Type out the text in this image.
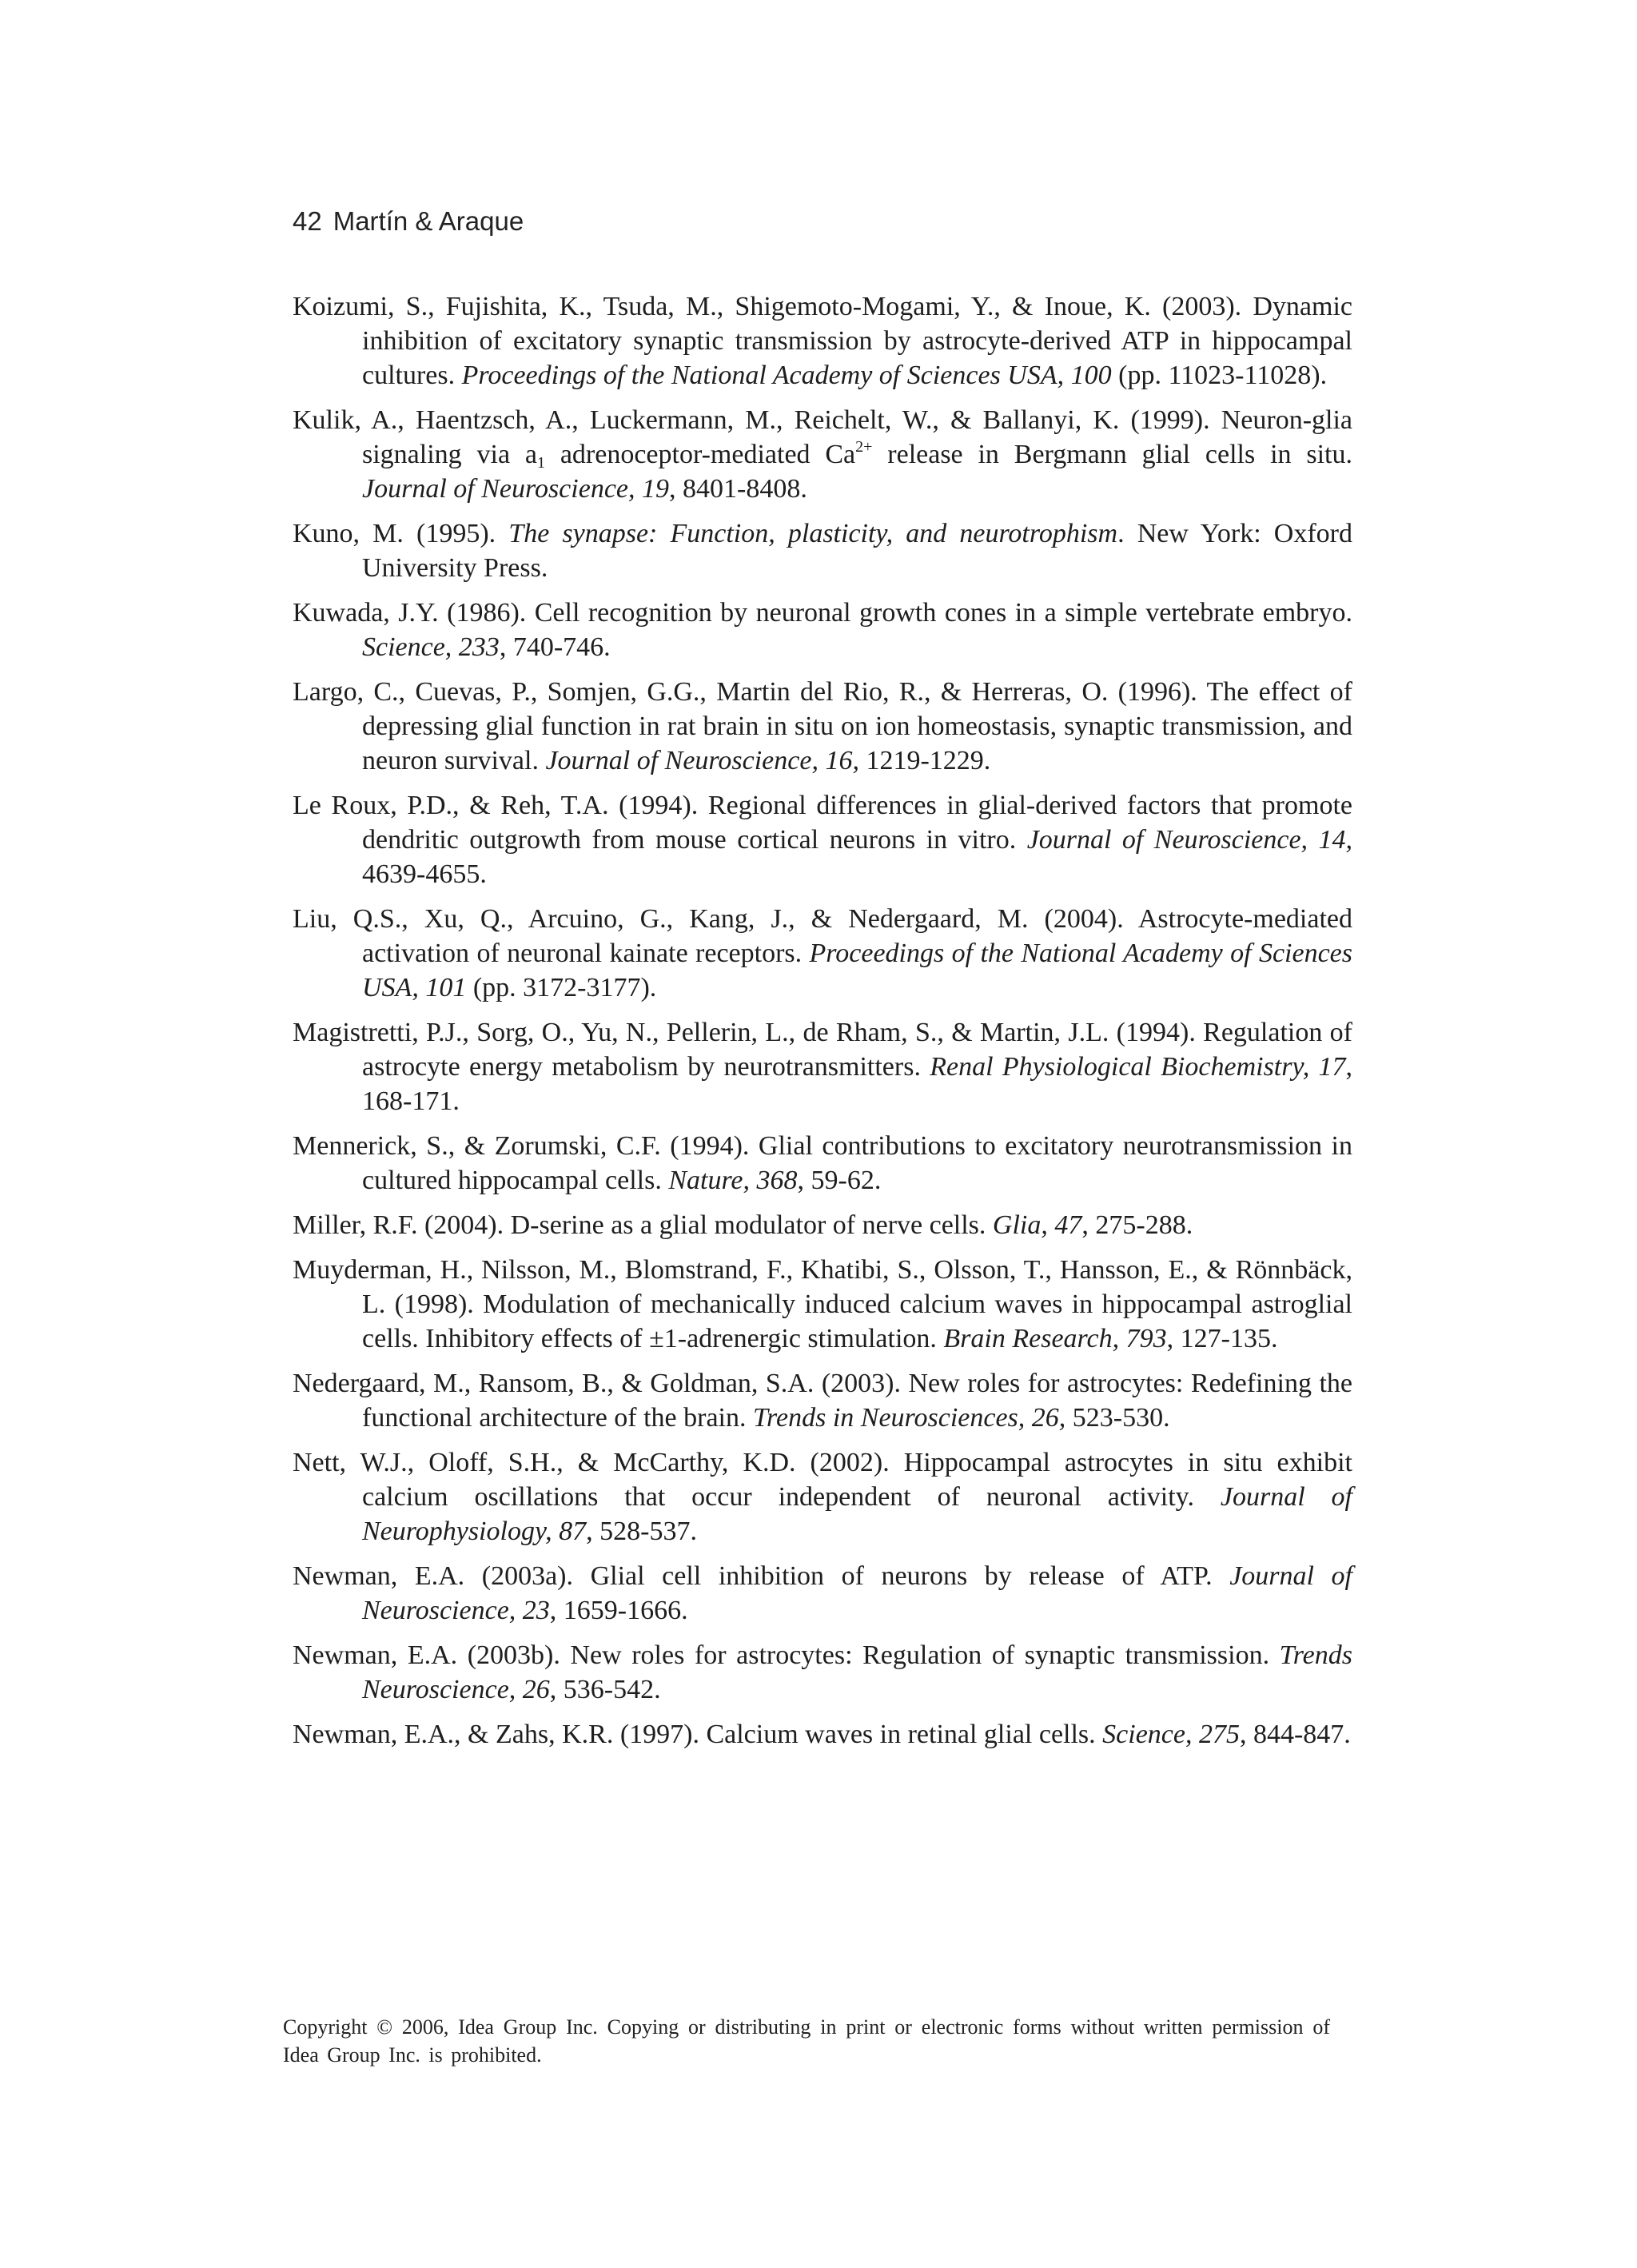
42 Martín & Araque

Koizumi, S., Fujishita, K., Tsuda, M., Shigemoto-Mogami, Y., & Inoue, K. (2003). Dynamic inhibition of excitatory synaptic transmission by astrocyte-derived ATP in hippocampal cultures. Proceedings of the National Academy of Sciences USA, 100 (pp. 11023-11028).

Kulik, A., Haentzsch, A., Luckermann, M., Reichelt, W., & Ballanyi, K. (1999). Neuron-glia signaling via $a_1$ adrenoceptor-mediated $Ca^{2+}$ release in Bergmann glial cells in situ. Journal of Neuroscience, 19, 8401-8408.

Kuno, M. (1995). The synapse: Function, plasticity, and neurotrophism. New York: Oxford University Press.

Kuwada, J.Y. (1986). Cell recognition by neuronal growth cones in a simple vertebrate embryo. Science, 233, 740-746.

Largo, C., Cuevas, P., Somjen, G.G., Martin del Rio, R., & Herreras, O. (1996). The effect of depressing glial function in rat brain in situ on ion homeostasis, synaptic transmission, and neuron survival. Journal of Neuroscience, 16, 1219-1229.

Le Roux, P.D., & Reh, T.A. (1994). Regional differences in glial-derived factors that promote dendritic outgrowth from mouse cortical neurons in vitro. Journal of Neuroscience, 14, 4639-4655.

Liu, Q.S., Xu, Q., Arcuino, G., Kang, J., & Nedergaard, M. (2004). Astrocyte-mediated activation of neuronal kainate receptors. Proceedings of the National Academy of Sciences USA, 101 (pp. 3172-3177).

Magistretti, P.J., Sorg, O., Yu, N., Pellerin, L., de Rham, S., & Martin, J.L. (1994). Regulation of astrocyte energy metabolism by neurotransmitters. Renal Physiological Biochemistry, 17, 168-171.

Mennerick, S., & Zorumski, C.F. (1994). Glial contributions to excitatory neurotransmission in cultured hippocampal cells. Nature, 368, 59-62.

Miller, R.F. (2004). D-serine as a glial modulator of nerve cells. Glia, 47, 275-288.

Muyderman, H., Nilsson, M., Blomstrand, F., Khatibi, S., Olsson, T., Hansson, E., & Rönnbäck, L. (1998). Modulation of mechanically induced calcium waves in hippocampal astroglial cells. Inhibitory effects of ±1-adrenergic stimulation. Brain Research, 793, 127-135.

Nedergaard, M., Ransom, B., & Goldman, S.A. (2003). New roles for astrocytes: Redefining the functional architecture of the brain. Trends in Neurosciences, 26, 523-530.

Nett, W.J., Oloff, S.H., & McCarthy, K.D. (2002). Hippocampal astrocytes in situ exhibit calcium oscillations that occur independent of neuronal activity. Journal of Neurophysiology, 87, 528-537.

Newman, E.A. (2003a). Glial cell inhibition of neurons by release of ATP. Journal of Neuroscience, 23, 1659-1666.

Newman, E.A. (2003b). New roles for astrocytes: Regulation of synaptic transmission. Trends Neuroscience, 26, 536-542.

Newman, E.A., & Zahs, K.R. (1997). Calcium waves in retinal glial cells. Science, 275, 844-847.

Copyright © 2006, Idea Group Inc. Copying or distributing in print or electronic forms without written permission of Idea Group Inc. is prohibited.
